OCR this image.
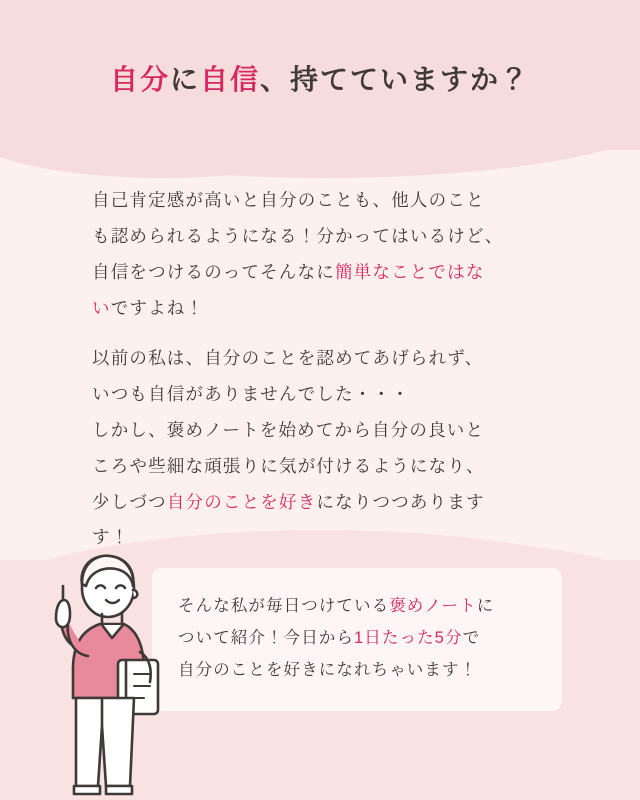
自分に自信、持てていますか？
自己肯定感が高いと自分のことも、他人のこと
も認められるようになる！分かってはいるけど、
自信をつけるのってそんなに簡単なことではな
いですよね！
以前の私は、自分のことを認めてあげられず、
いつも自信がありませんでした・・・
しかし、褒めノートを始めてから自分の良いと
ころや些細な頑張りに気が付けるようになり、
少しづつ自分のことを好きになりつつあります
す！
そんな私が毎日つけている褒めノートに
ついて紹介！今日から1日たった5分で
自分のことを好きになれちゃいます！
